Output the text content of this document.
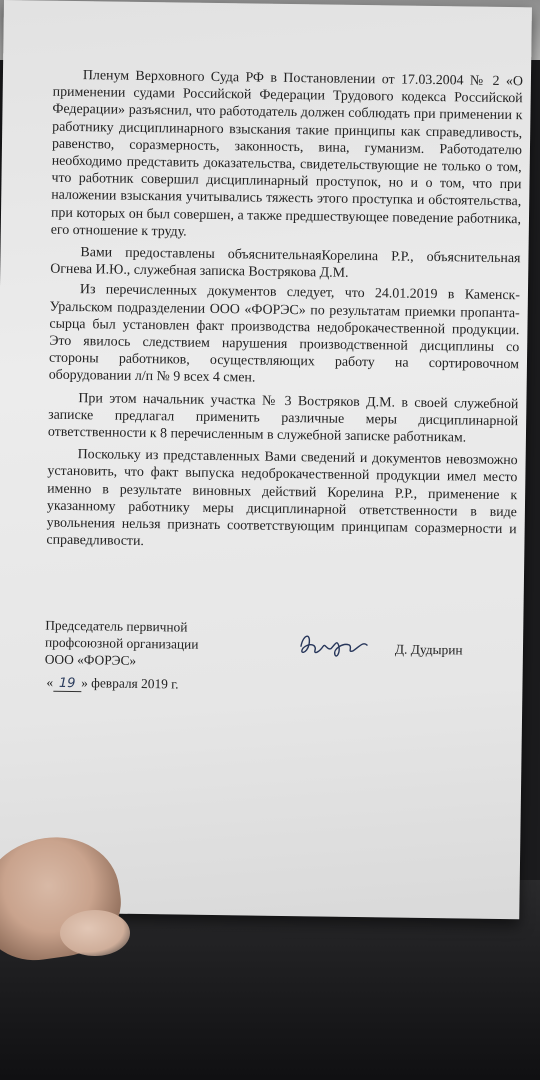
Пленум Верховного Суда РФ в Постановлении от 17.03.2004 № 2 «О применении судами Российской Федерации Трудового кодекса Российской Федерации» разъяснил, что работодатель должен соблюдать при применении к работнику дисциплинарного взыскания такие принципы как справедливость, равенство, соразмерность, законность, вина, гуманизм. Работодателю необходимо представить доказательства, свидетельствующие не только о том, что работник совершил дисциплинарный проступок, но и о том, что при наложении взыскания учитывались тяжесть этого проступка и обстоятельства, при которых он был совершен, а также предшествующее поведение работника, его отношение к труду.

Вами предоставлены объяснительнаяКорелина Р.Р., объяснительная Огнева И.Ю., служебная записка Вострякова Д.М.

Из перечисленных документов следует, что 24.01.2019 в Каменск-Уральском подразделении ООО «ФОРЭС» по результатам приемки пропанта-сырца был установлен факт производства недоброкачественной продукции. Это явилось следствием нарушения производственной дисциплины со стороны работников, осуществляющих работу на сортировочном оборудовании л/п № 9 всех 4 смен.

При этом начальник участка № 3 Востряков Д.М. в своей служебной записке предлагал применить различные меры дисциплинарной ответственности к 8 перечисленным в служебной записке работникам.

Поскольку из представленных Вами сведений и документов невозможно установить, что факт выпуска недоброкачественной продукции имел место именно в результате виновных действий Корелина Р.Р., применение к указанному работнику меры дисциплинарной ответственности в виде увольнения нельзя признать соответствующим принципам соразмерности и справедливости.

Председатель первичной
профсоюзной организации
ООО «ФОРЭС»
Д. Дудырин
« 19 » февраля 2019 г.
